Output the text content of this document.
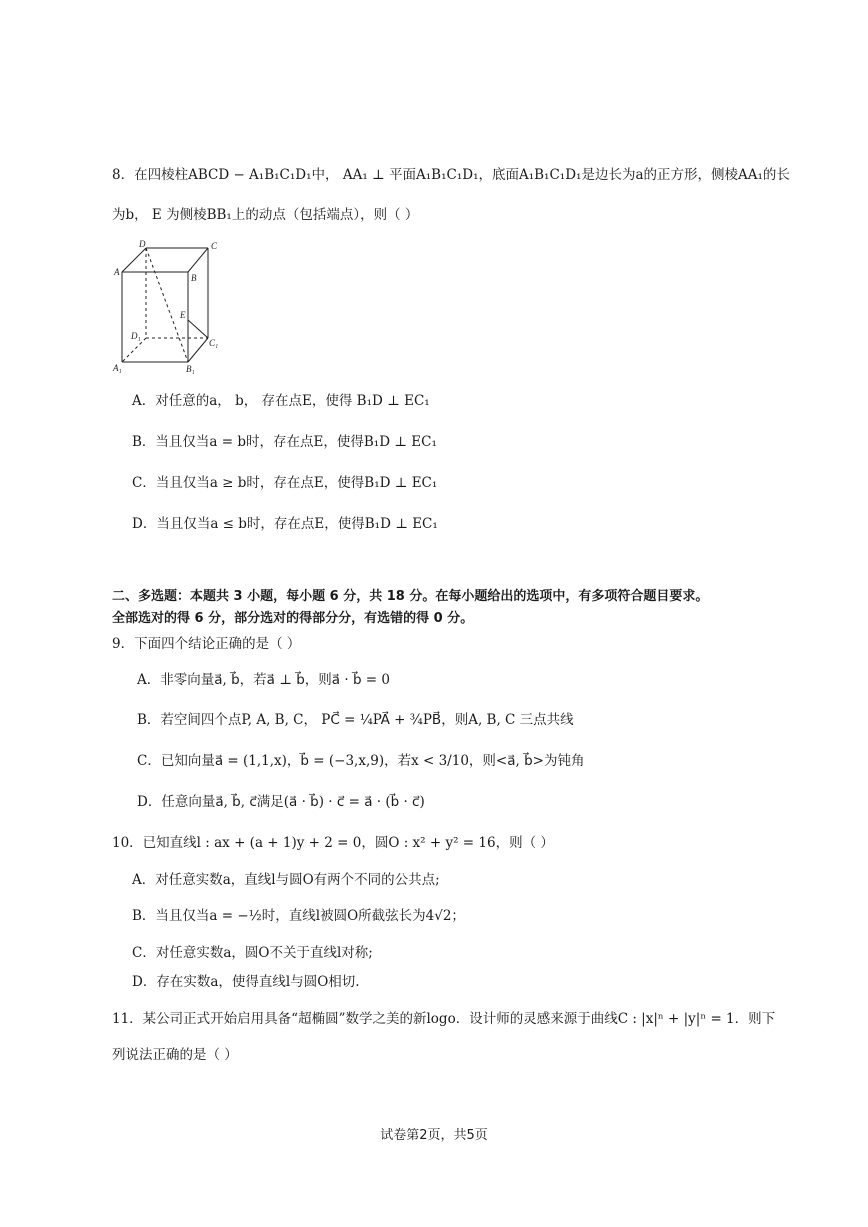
8．在四棱柱ABCD − A₁B₁C₁D₁中， AA₁ ⊥ 平面A₁B₁C₁D₁，底面A₁B₁C₁D₁是边长为a的正方形，侧棱AA₁的长
为b， E 为侧棱BB₁上的动点（包括端点），则（ ）
D	C
A
B
E
D₁
C₁
A₁	B₁
A．对任意的a， b， 存在点E，使得 B₁D ⊥ EC₁
B．当且仅当a = b时，存在点E，使得B₁D ⊥ EC₁
C．当且仅当a ≥ b时，存在点E，使得B₁D ⊥ EC₁
D．当且仅当a ≤ b时，存在点E，使得B₁D ⊥ EC₁
二、多选题：本题共 3 小题，每小题 6 分，共 18 分。在每小题给出的选项中，有多项符合题目要求。
全部选对的得 6 分，部分选对的得部分分，有选错的得 0 分。
9．下面四个结论正确的是（ ）
A．非零向量a⃗, b⃗，若a⃗ ⊥ b⃗，则a⃗ · b⃗ = 0
B．若空间四个点P, A, B, C， PC⃗ = ¼PA⃗ + ¾PB⃗，则A, B, C 三点共线
C．已知向量a⃗ = (1,1,x)，b⃗ = (−3,x,9)，若x < 3/10，则<a⃗, b⃗>为钝角
D．任意向量a⃗, b⃗, c⃗满足(a⃗ · b⃗) · c⃗ = a⃗ · (b⃗ · c⃗)
10．已知直线l : ax + (a + 1)y + 2 = 0，圆O : x² + y² = 16，则（ ）
A．对任意实数a，直线l与圆O有两个不同的公共点;
B．当且仅当a = −½时，直线l被圆O所截弦长为4√2；
C．对任意实数a，圆O不关于直线l对称;
D．存在实数a，使得直线l与圆O相切.
11．某公司正式开始启用具备“超椭圆”数学之美的新logo．设计师的灵感来源于曲线C : |x|ⁿ + |y|ⁿ = 1．则下
列说法正确的是（ ）
试卷第2页，共5页
